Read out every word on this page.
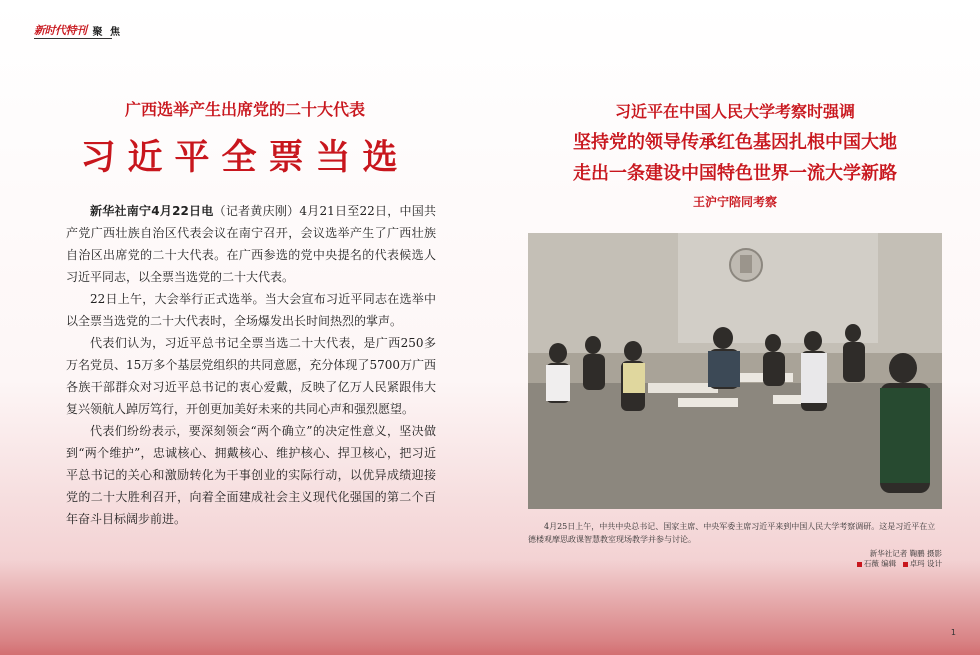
新时代特刊 聚 焦
广西选举产生出席党的二十大代表
习近平全票当选

新华社南宁4月22日电（记者黄庆刚）4月21日至22日，中国共产党广西壮族自治区代表会议在南宁召开，会议选举产生了广西壮族自治区出席党的二十大代表。在广西参选的党中央提名的代表候选人习近平同志，以全票当选党的二十大代表。

22日上午，大会举行正式选举。当大会宣布习近平同志在选举中以全票当选党的二十大代表时，全场爆发出长时间热烈的掌声。

代表们认为，习近平总书记全票当选二十大代表，是广西250多万名党员、15万多个基层党组织的共同意愿，充分体现了5700万广西各族干部群众对习近平总书记的衷心爱戴，反映了亿万人民紧跟伟大复兴领航人踔厉笃行，开创更加美好未来的共同心声和强烈愿望。

代表们纷纷表示，要深刻领会“两个确立”的决定性意义，坚决做到“两个维护”，忠诚核心、拥戴核心、维护核心、捍卫核心，把习近平总书记的关心和激励转化为干事创业的实际行动，以优异成绩迎接党的二十大胜利召开，向着全面建成社会主义现代化强国的第二个百年奋斗目标阔步前进。

习近平在中国人民大学考察时强调
坚持党的领导传承红色基因扎根中国大地
走出一条建设中国特色世界一流大学新路
王沪宁陪同考察
4月25日上午，中共中央总书记、国家主席、中央军委主席习近平来到中国人民大学考察调研。这是习近平在立德楼观摩思政课智慧教室现场教学并参与讨论。
新华社记者 鞠鹏 摄影
石薇 编辑 卓玛 设计
1
